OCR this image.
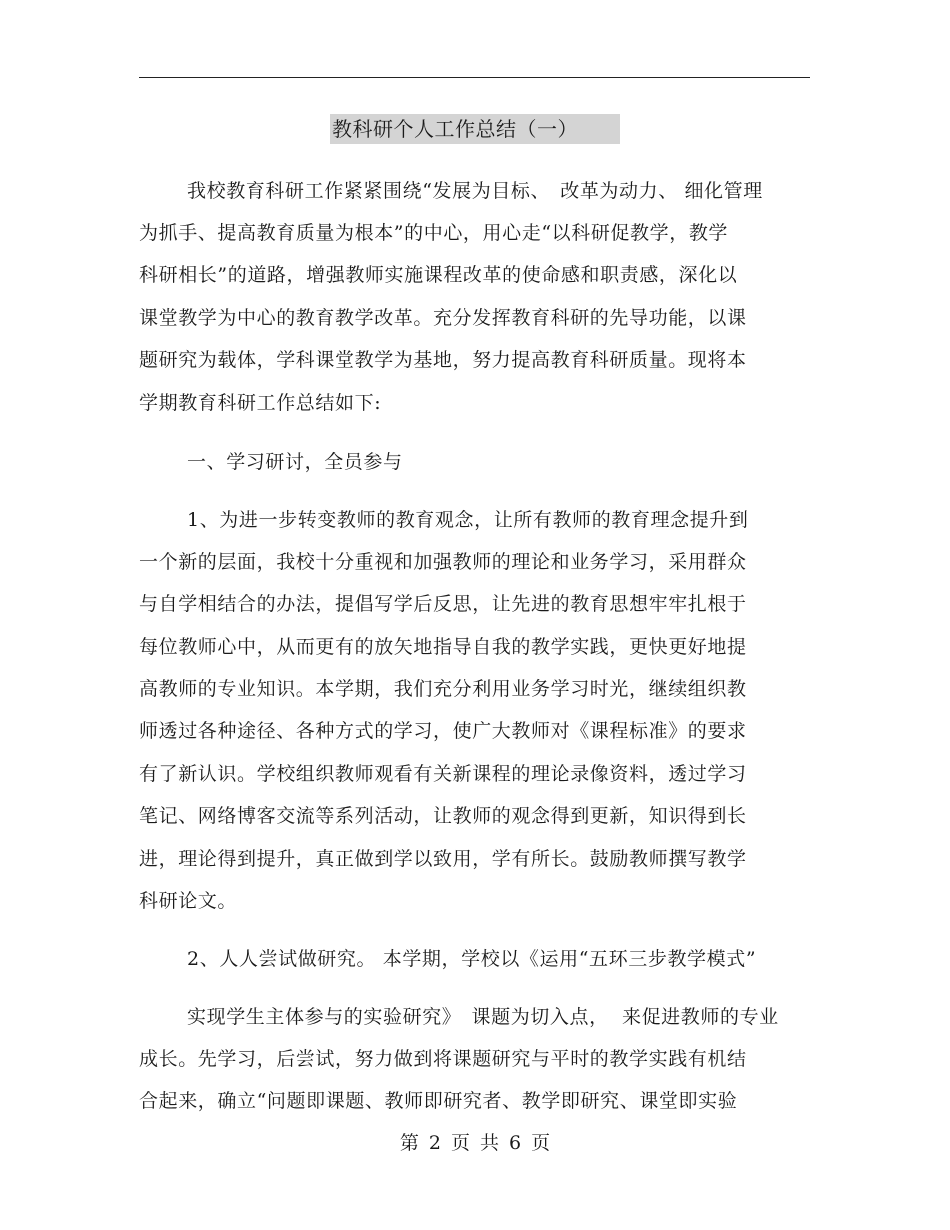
教科研个人工作总结（一）
我校教育科研工作紧紧围绕“发展为目标、　改革为动力、 细化管理
为抓手、提高教育质量为根本”的中心，用心走“以科研促教学，教学
科研相长”的道路，增强教师实施课程改革的使命感和职责感，深化以
课堂教学为中心的教育教学改革。充分发挥教育科研的先导功能，以课
题研究为载体，学科课堂教学为基地，努力提高教育科研质量。现将本
学期教育科研工作总结如下:
一、学习研讨，全员参与
1、为进一步转变教师的教育观念，让所有教师的教育理念提升到
一个新的层面，我校十分重视和加强教师的理论和业务学习，采用群众
与自学相结合的办法，提倡写学后反思，让先进的教育思想牢牢扎根于
每位教师心中，从而更有的放矢地指导自我的教学实践，更快更好地提
高教师的专业知识。本学期，我们充分利用业务学习时光，继续组织教
师透过各种途径、各种方式的学习，使广大教师对《课程标准》的要求
有了新认识。学校组织教师观看有关新课程的理论录像资料，透过学习
笔记、网络博客交流等系列活动，让教师的观念得到更新，知识得到长
进，理论得到提升，真正做到学以致用，学有所长。鼓励教师撰写教学
科研论文。
2、人人尝试做研究。 本学期，学校以《运用“五环三步教学模式”
实现学生主体参与的实验研究》　课题为切入点，  来促进教师的专业
成长。先学习，后尝试，努力做到将课题研究与平时的教学实践有机结
合起来，确立“问题即课题、教师即研究者、教学即研究、课堂即实验
第 2 页 共 6 页
